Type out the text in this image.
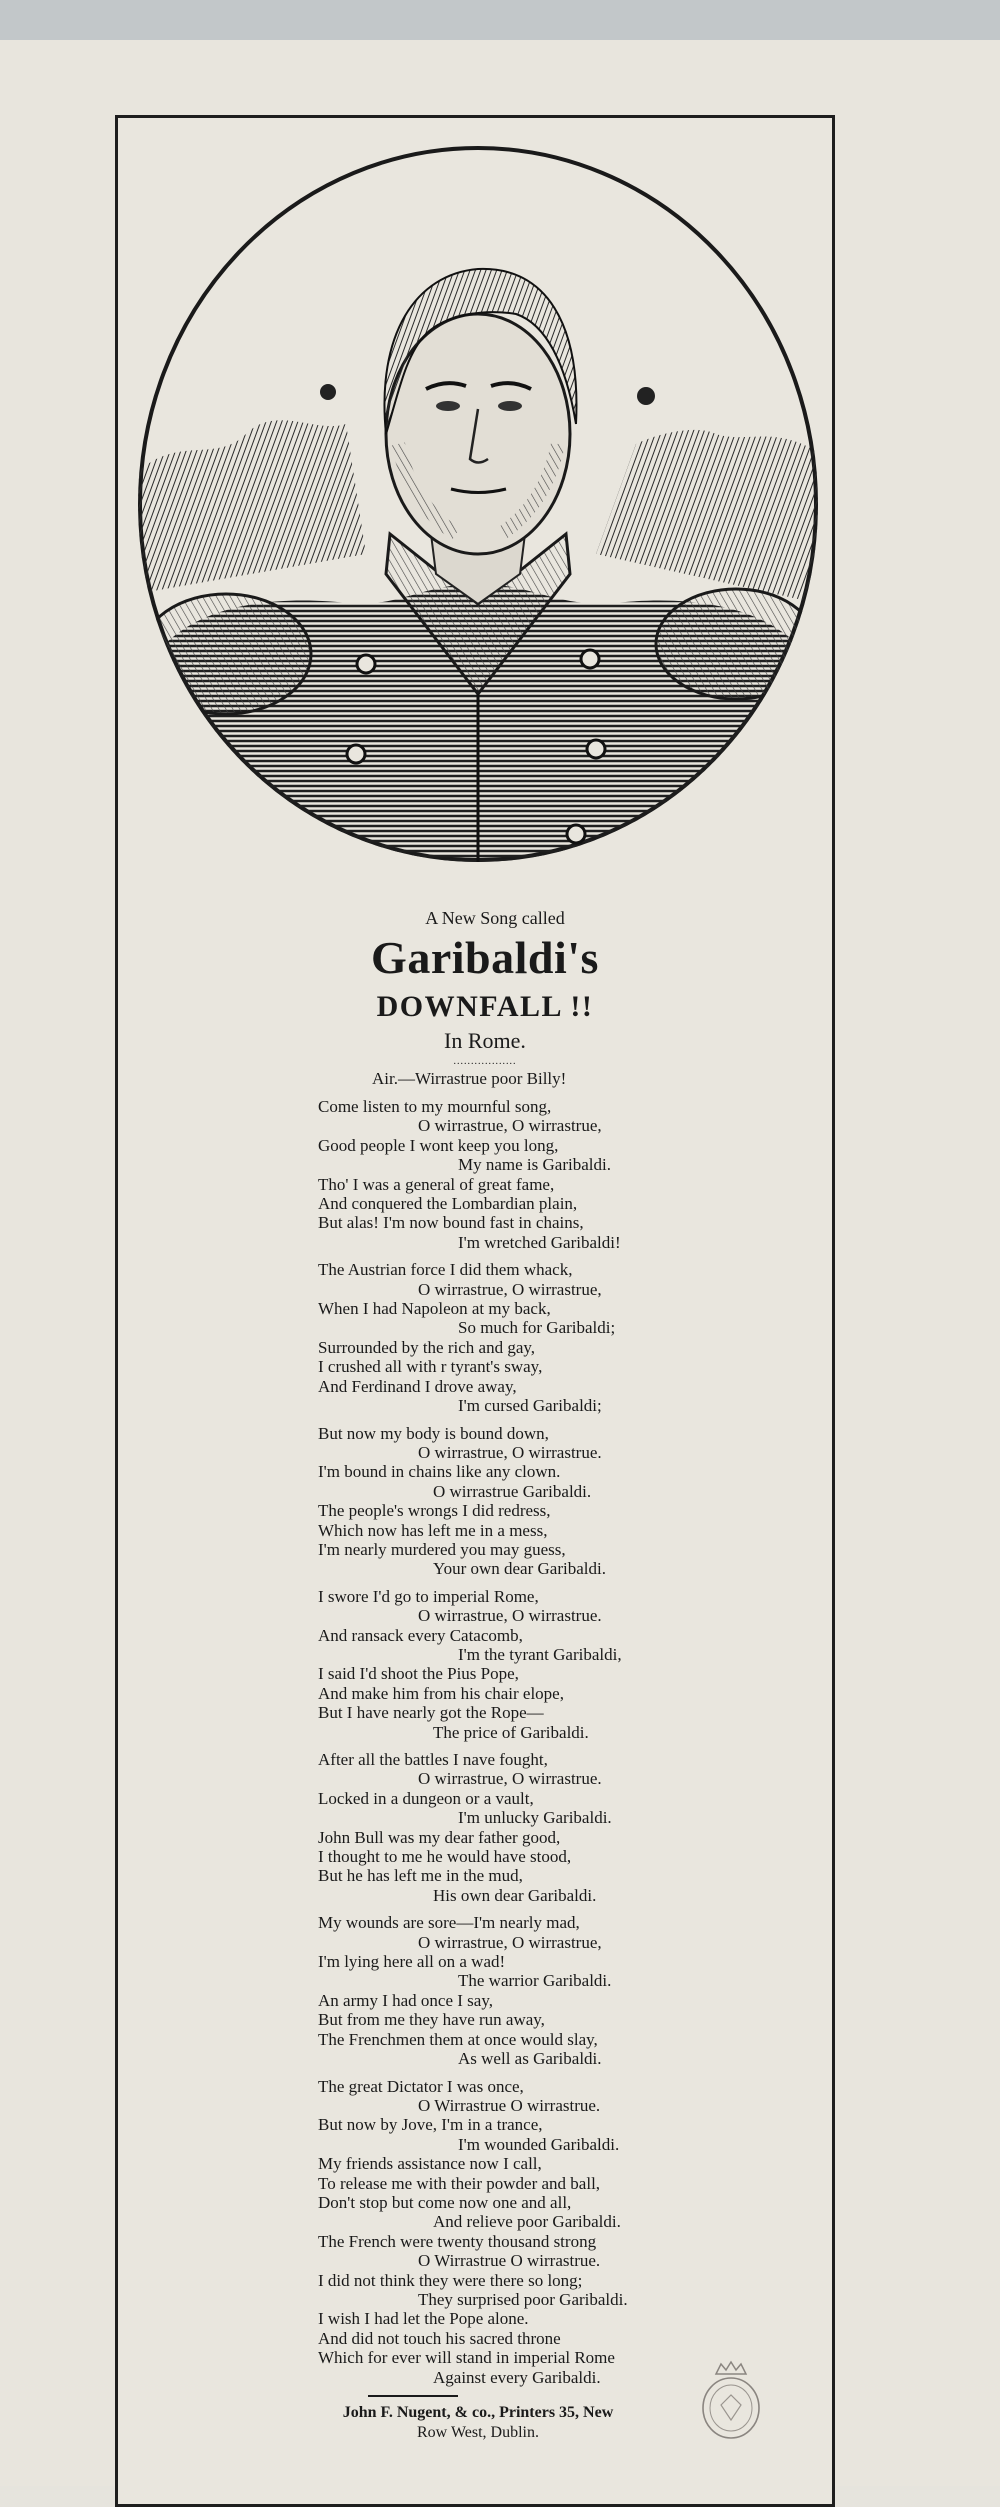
A New Song called
Garibaldi's
DOWNFALL !!
In Rome.
..................
Air.—Wirrastrue poor Billy!
Come listen to my mournful song,
O wirrastrue, O wirrastrue,
Good people I wont keep you long,
My name is Garibaldi.
Tho' I was a general of great fame,
And conquered the Lombardian plain,
But alas! I'm now bound fast in chains,
I'm wretched Garibaldi!
The Austrian force I did them whack,
O wirrastrue, O wirrastrue,
When I had Napoleon at my back,
So much for Garibaldi;
Surrounded by the rich and gay,
I crushed all with r tyrant's sway,
And Ferdinand I drove away,
I'm cursed Garibaldi;
But now my body is bound down,
O wirrastrue, O wirrastrue.
I'm bound in chains like any clown.
O wirrastrue Garibaldi.
The people's wrongs I did redress,
Which now has left me in a mess,
I'm nearly murdered you may guess,
Your own dear Garibaldi.
I swore I'd go to imperial Rome,
O wirrastrue, O wirrastrue.
And ransack every Catacomb,
I'm the tyrant Garibaldi,
I said I'd shoot the Pius Pope,
And make him from his chair elope,
But I have nearly got the Rope—
The price of Garibaldi.
After all the battles I nave fought,
O wirrastrue, O wirrastrue.
Locked in a dungeon or a vault,
I'm unlucky Garibaldi.
John Bull was my dear father good,
I thought to me he would have stood,
But he has left me in the mud,
His own dear Garibaldi.
My wounds are sore—I'm nearly mad,
O wirrastrue, O wirrastrue,
I'm lying here all on a wad!
The warrior Garibaldi.
An army I had once I say,
But from me they have run away,
The Frenchmen them at once would slay,
As well as Garibaldi.
The great Dictator I was once,
O Wirrastrue O wirrastrue.
But now by Jove, I'm in a trance,
I'm wounded Garibaldi.
My friends assistance now I call,
To release me with their powder and ball,
Don't stop but come now one and all,
And relieve poor Garibaldi.
The French were twenty thousand strong
O Wirrastrue O wirrastrue.
I did not think they were there so long;
They surprised poor Garibaldi.
I wish I had let the Pope alone.
And did not touch his sacred throne
Which for ever will stand in imperial Rome
Against every Garibaldi.
John F. Nugent, & co., Printers 35, New
Row West, Dublin.
